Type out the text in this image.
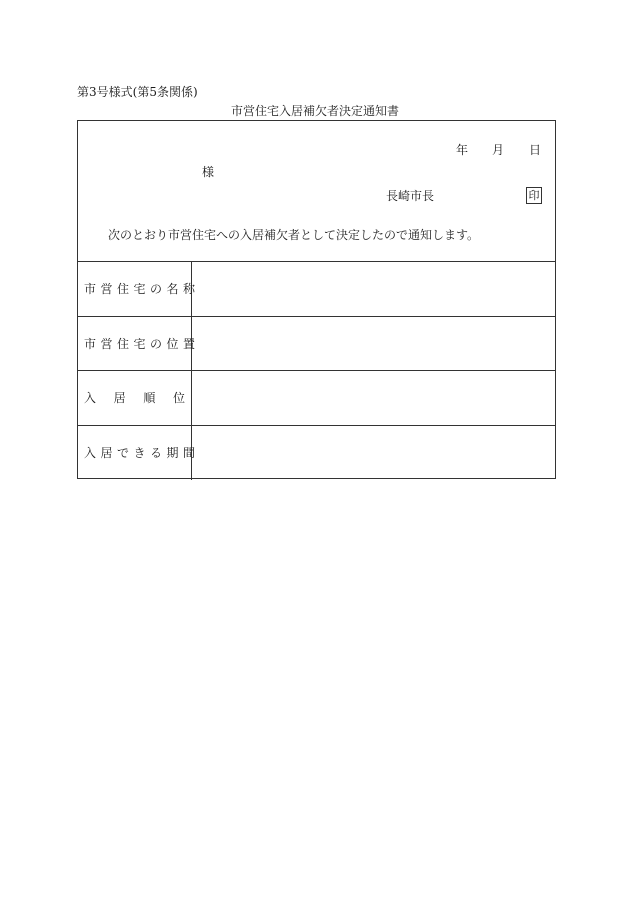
第3号様式(第5条関係)
市営住宅入居補欠者決定通知書
年 月 日
様
長崎市長	印
次のとおり市営住宅への入居補欠者として決定したので通知します。
市営住宅の名称
市営住宅の位置
入 居 順 位
入居できる期間
